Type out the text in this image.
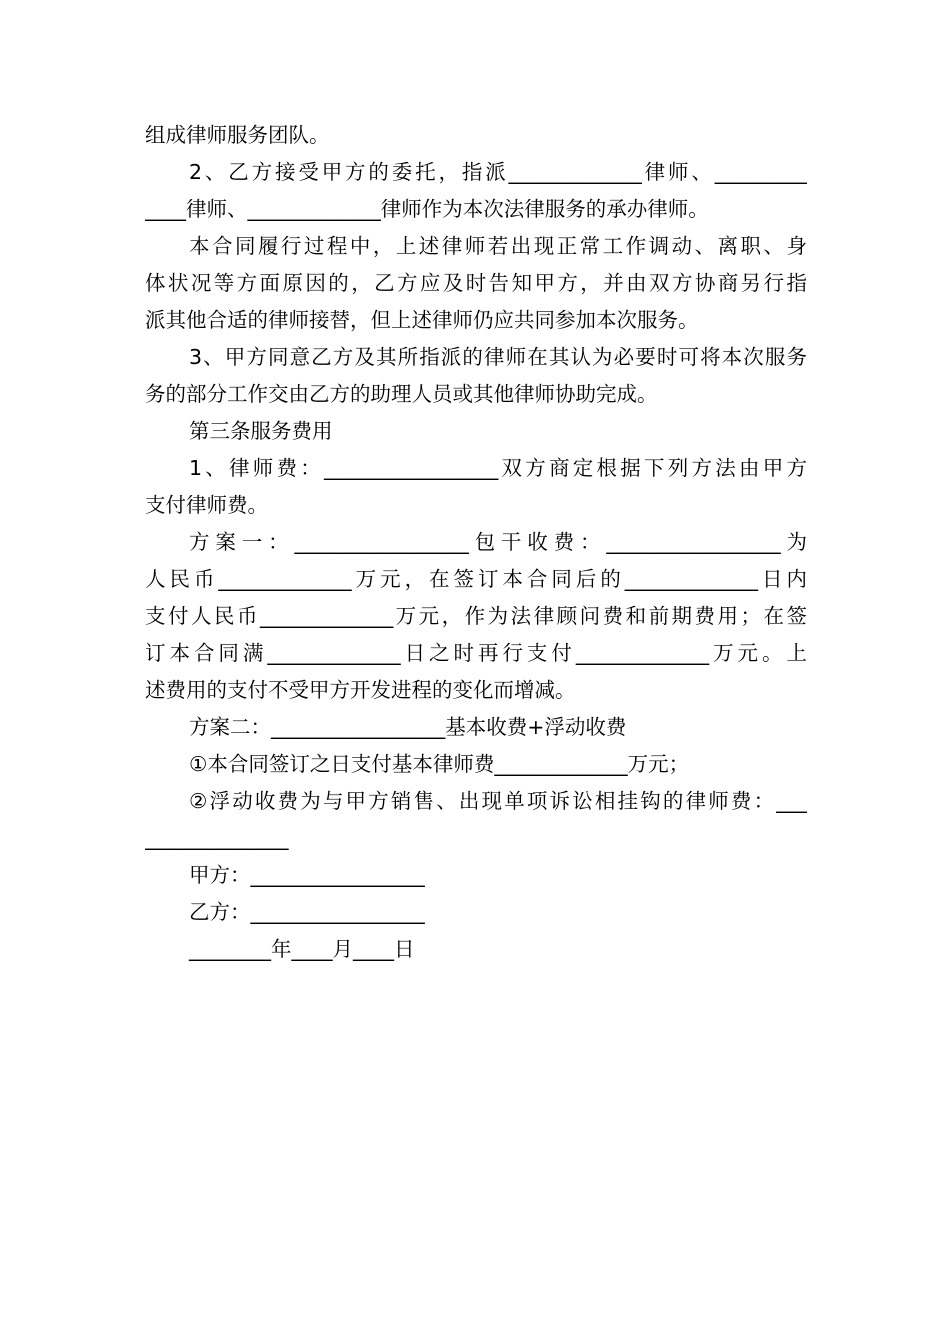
组成律师服务团队。
2、乙方接受甲方的委托，指派_____________律师、_________
____律师、_____________律师作为本次法律服务的承办律师。
本合同履行过程中，上述律师若出现正常工作调动、离职、身
体状况等方面原因的，乙方应及时告知甲方，并由双方协商另行指
派其他合适的律师接替，但上述律师仍应共同参加本次服务。
3、甲方同意乙方及其所指派的律师在其认为必要时可将本次服务
务的部分工作交由乙方的助理人员或其他律师协助完成。
第三条服务费用
1、律师费：_________________双方商定根据下列方法由甲方
支付律师费。
方案一：_________________包干收费：_________________为
人民币_____________万元，在签订本合同后的_____________日内
支付人民币_____________万元，作为法律顾问费和前期费用；在签
订本合同满_____________日之时再行支付_____________万元。上
述费用的支付不受甲方开发进程的变化而增减。
方案二：_________________基本收费+浮动收费
①本合同签订之日支付基本律师费_____________万元；
②浮动收费为与甲方销售、出现单项诉讼相挂钩的律师费：___
______________
甲方：_________________
乙方：_________________
________年____月____日
